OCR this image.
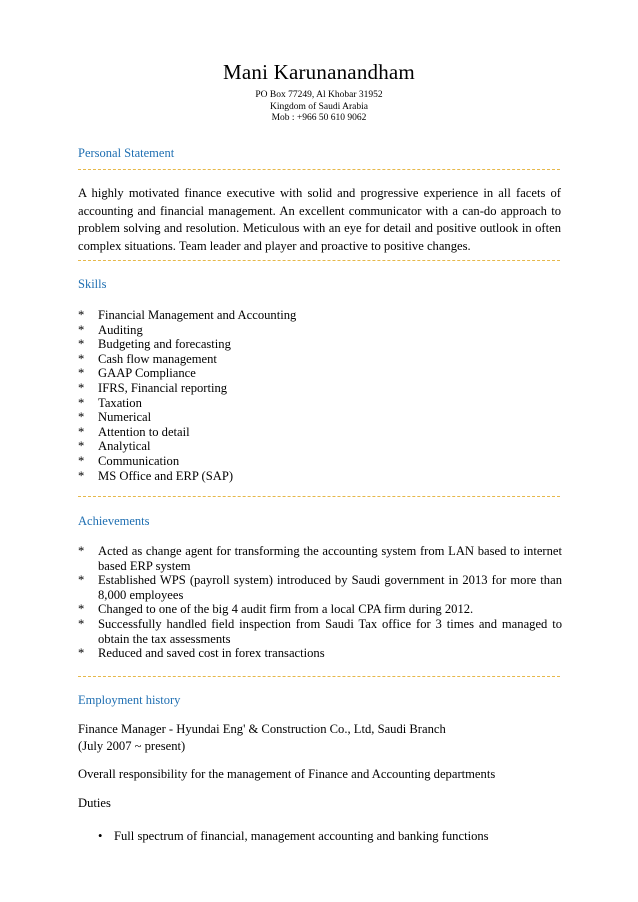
Mani Karunanandham
PO Box 77249, Al Khobar 31952
Kingdom of Saudi Arabia
Mob : +966 50 610 9062
Personal Statement
A highly motivated finance executive with solid and progressive experience in all facets of accounting and financial management. An excellent communicator with a can-do approach to problem solving and resolution. Meticulous with an eye for detail and positive outlook in often complex situations. Team leader and player and proactive to positive changes.
Skills
* Financial Management and Accounting
* Auditing
* Budgeting and forecasting
* Cash flow management
* GAAP Compliance
* IFRS, Financial reporting
* Taxation
* Numerical
* Attention to detail
* Analytical
* Communication
* MS Office and ERP (SAP)
Achievements
* Acted as change agent for transforming the accounting system from LAN based to internet based ERP system
* Established WPS (payroll system) introduced by Saudi government in 2013 for more than 8,000 employees
* Changed to one of the big 4 audit firm from a local CPA firm during 2012.
* Successfully handled field inspection from Saudi Tax office for 3 times and managed to obtain the tax assessments
* Reduced and saved cost in forex transactions
Employment history
Finance Manager - Hyundai Eng' & Construction Co., Ltd, Saudi Branch
(July 2007 ~ present)
Overall responsibility for the management of Finance and Accounting departments
Duties
• Full spectrum of financial, management accounting and banking functions
